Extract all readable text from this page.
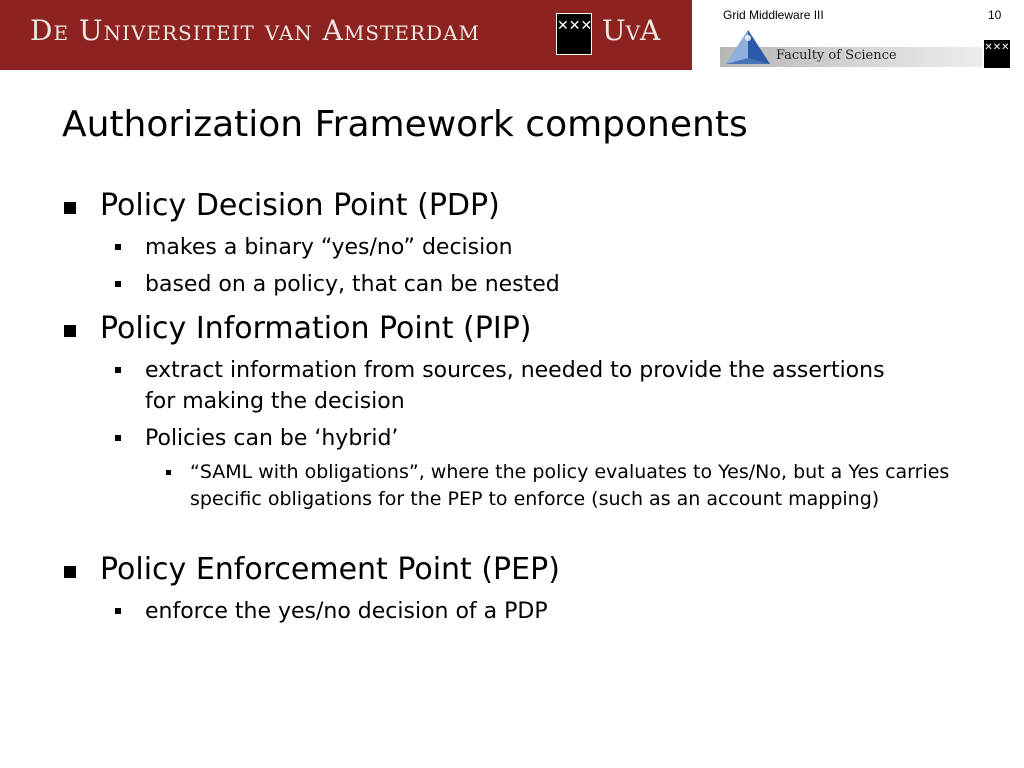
De Universiteit van Amsterdam	✕✕✕ UvA	Grid Middleware III	10
Faculty of Science
✕✕✕
Authorization Framework components

Policy Decision Point (PDP)

makes a binary “yes/no” decision

based on a policy, that can be nested

Policy Information Point (PIP)

extract information from sources, needed to provide the assertions for making the decision

Policies can be ‘hybrid’

“SAML with obligations”, where the policy evaluates to Yes/No, but a Yes carries specific obligations for the PEP to enforce (such as an account mapping)

Policy Enforcement Point (PEP)

enforce the yes/no decision of a PDP
